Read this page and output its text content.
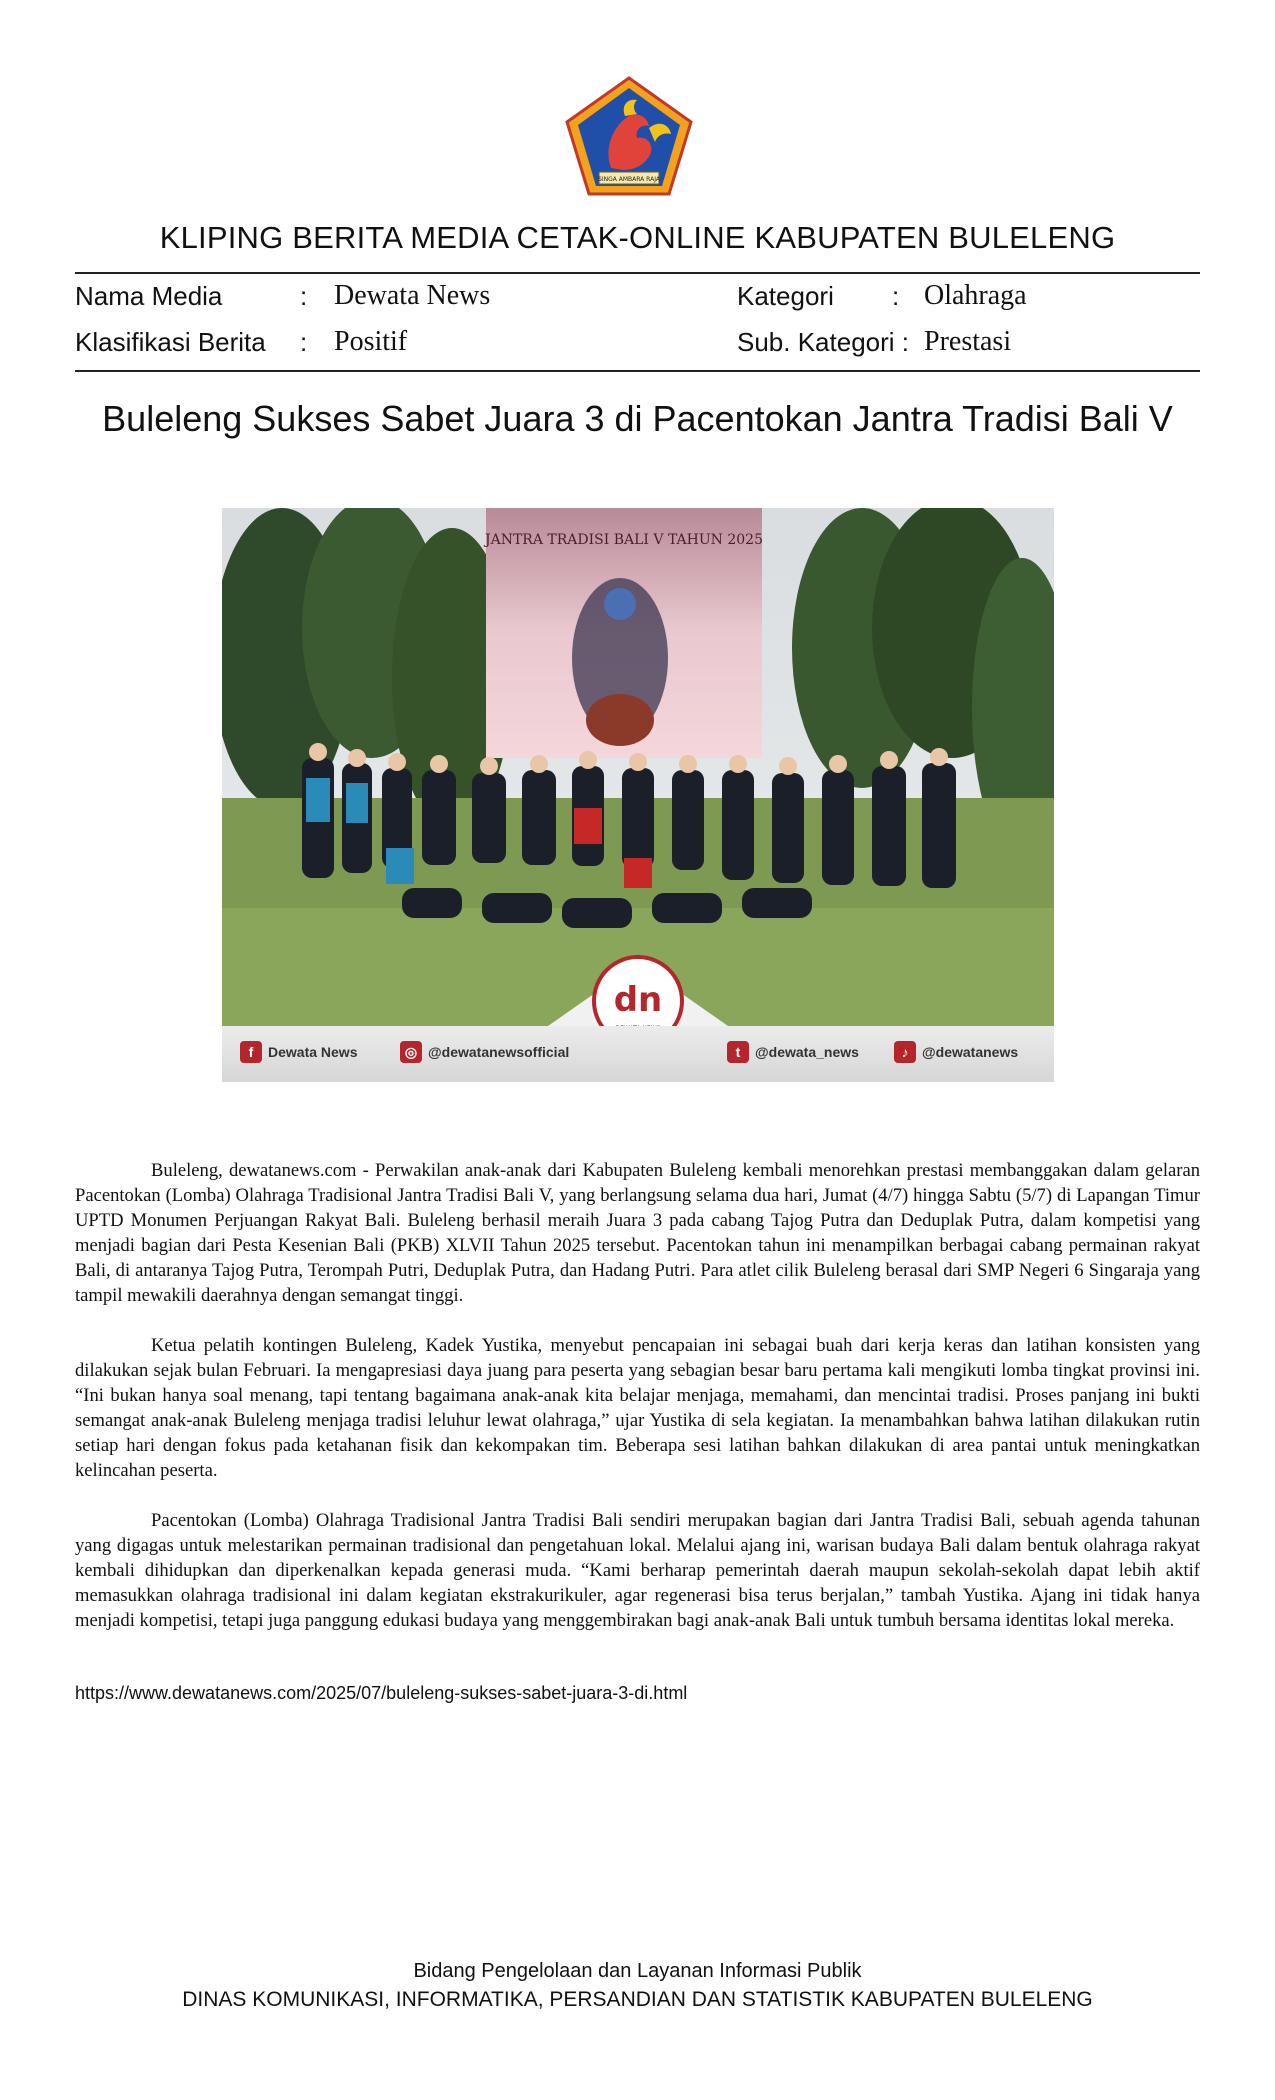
SINGA AMBARA RAJA
KLIPING BERITA MEDIA CETAK-ONLINE KABUPATEN BULELENG
Nama Media	: Dewata News	Kategori : Olahraga
Klasifikasi Berita : Positif	Sub. Kategori : Prestasi
Buleleng Sukses Sabet Juara 3 di Pacentokan Jantra Tradisi Bali V
JANTRA TRADISI BALI V TAHUN 2025
dn
f	Dewata News	◎ @dewatanewsofficial	t	@dewata_news	♪ @dewatanews

Buleleng, dewatanews.com - Perwakilan anak-anak dari Kabupaten Buleleng kembali menorehkan prestasi membanggakan dalam gelaran Pacentokan (Lomba) Olahraga Tradisional Jantra Tradisi Bali V, yang berlangsung selama dua hari, Jumat (4/7) hingga Sabtu (5/7) di Lapangan Timur UPTD Monumen Perjuangan Rakyat Bali. Buleleng berhasil meraih Juara 3 pada cabang Tajog Putra dan Deduplak Putra, dalam kompetisi yang menjadi bagian dari Pesta Kesenian Bali (PKB) XLVII Tahun 2025 tersebut. Pacentokan tahun ini menampilkan berbagai cabang permainan rakyat Bali, di antaranya Tajog Putra, Terompah Putri, Deduplak Putra, dan Hadang Putri. Para atlet cilik Buleleng berasal dari SMP Negeri 6 Singaraja yang tampil mewakili daerahnya dengan semangat tinggi.

Ketua pelatih kontingen Buleleng, Kadek Yustika, menyebut pencapaian ini sebagai buah dari kerja keras dan latihan konsisten yang dilakukan sejak bulan Februari. Ia mengapresiasi daya juang para peserta yang sebagian besar baru pertama kali mengikuti lomba tingkat provinsi ini. “Ini bukan hanya soal menang, tapi tentang bagaimana anak-anak kita belajar menjaga, memahami, dan mencintai tradisi. Proses panjang ini bukti semangat anak-anak Buleleng menjaga tradisi leluhur lewat olahraga,” ujar Yustika di sela kegiatan. Ia menambahkan bahwa latihan dilakukan rutin setiap hari dengan fokus pada ketahanan fisik dan kekompakan tim. Beberapa sesi latihan bahkan dilakukan di area pantai untuk meningkatkan kelincahan peserta.

Pacentokan (Lomba) Olahraga Tradisional Jantra Tradisi Bali sendiri merupakan bagian dari Jantra Tradisi Bali, sebuah agenda tahunan yang digagas untuk melestarikan permainan tradisional dan pengetahuan lokal. Melalui ajang ini, warisan budaya Bali dalam bentuk olahraga rakyat kembali dihidupkan dan diperkenalkan kepada generasi muda. “Kami berharap pemerintah daerah maupun sekolah-sekolah dapat lebih aktif memasukkan olahraga tradisional ini dalam kegiatan ekstrakurikuler, agar regenerasi bisa terus berjalan,” tambah Yustika. Ajang ini tidak hanya menjadi kompetisi, tetapi juga panggung edukasi budaya yang menggembirakan bagi anak-anak Bali untuk tumbuh bersama identitas lokal mereka.

https://www.dewatanews.com/2025/07/buleleng-sukses-sabet-juara-3-di.html
Bidang Pengelolaan dan Layanan Informasi Publik
DINAS KOMUNIKASI, INFORMATIKA, PERSANDIAN DAN STATISTIK KABUPATEN BULELENG
